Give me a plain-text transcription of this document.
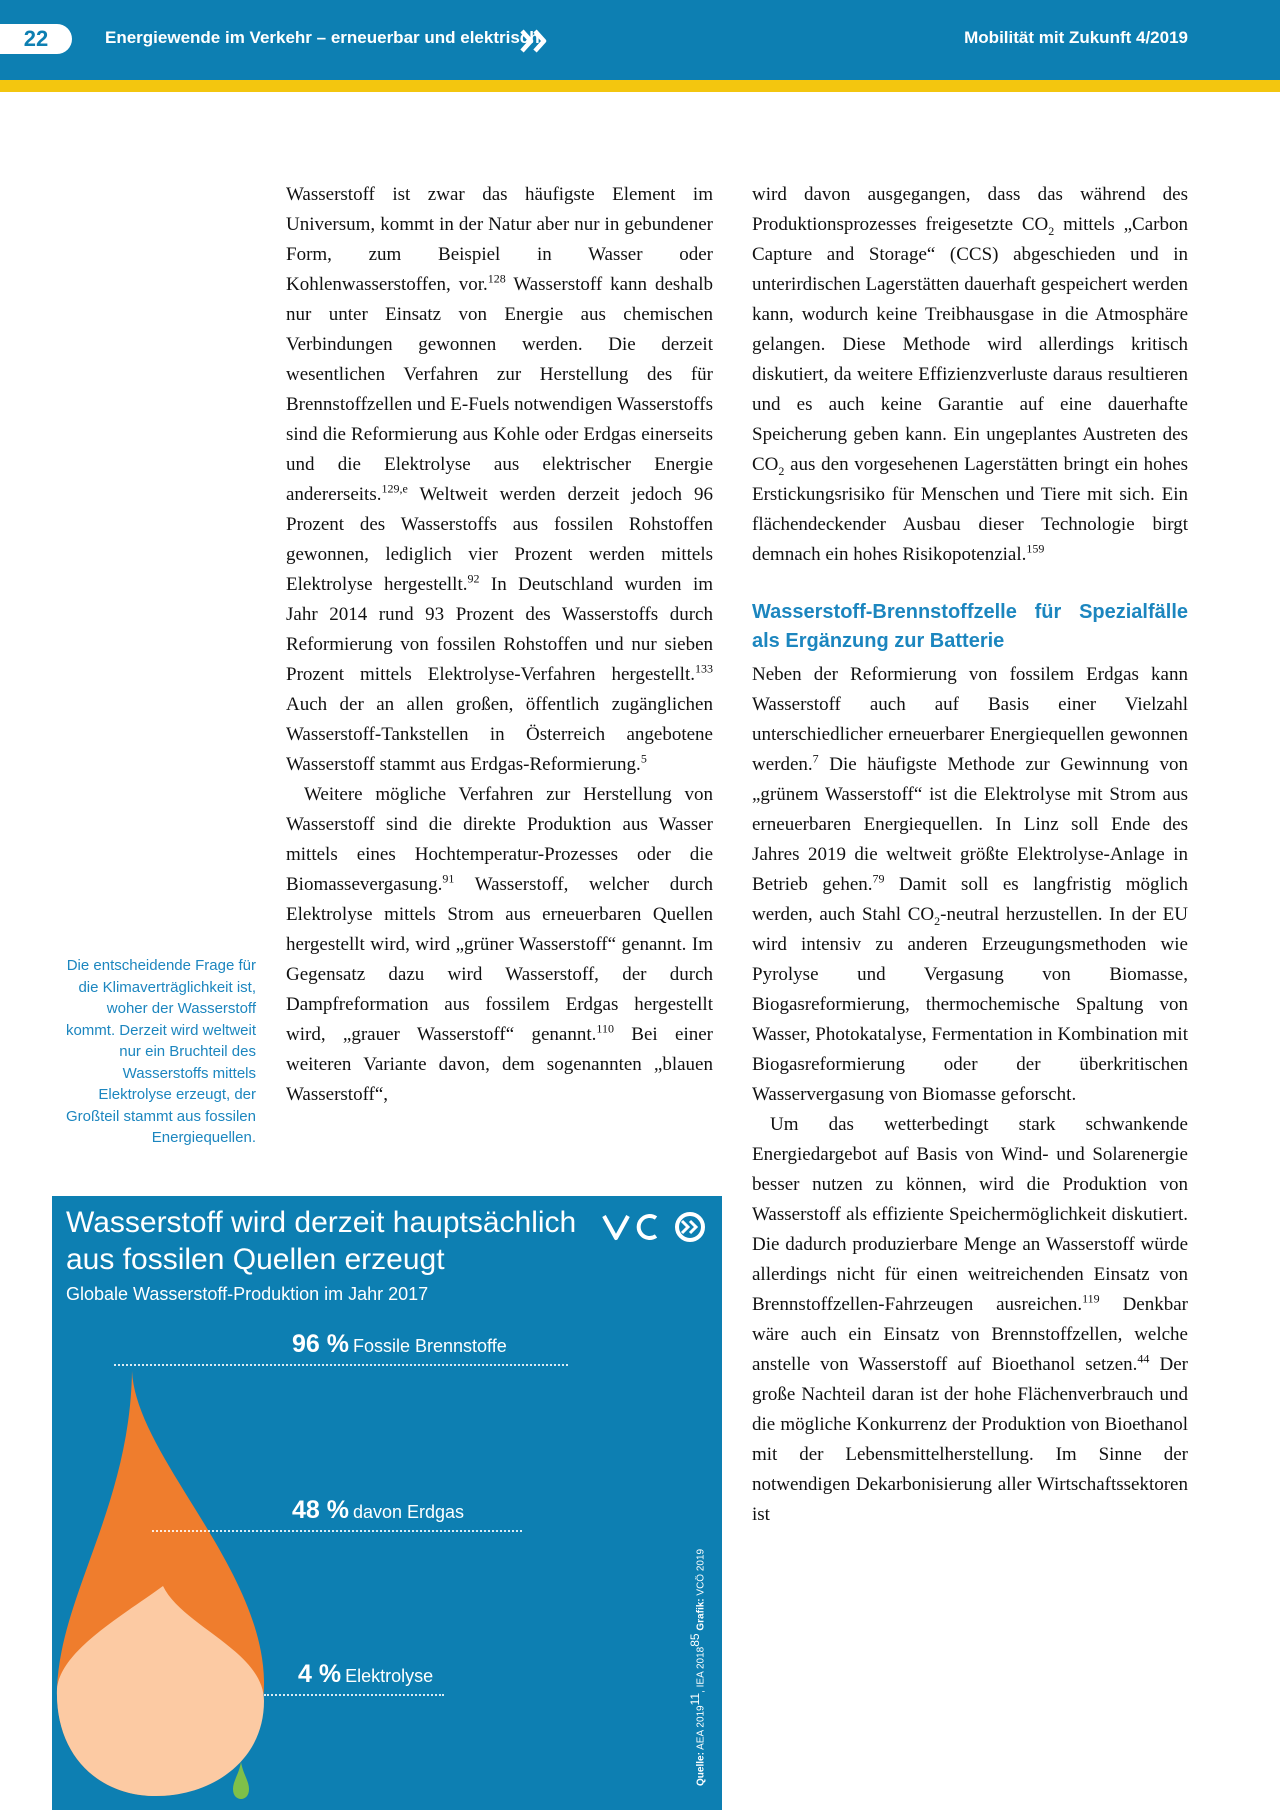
22	Energiewende im Verkehr – erneuerbar und elektrisch	Mobilität mit Zukunft 4/2019

Wasserstoff ist zwar das häufigste Element im Universum, kommt in der Natur aber nur in gebundener Form, zum Beispiel in Wasser oder Kohlenwasserstoffen, vor.$^{128}$ Wasserstoff kann deshalb nur unter Einsatz von Energie aus chemischen Verbindungen gewonnen werden. Die derzeit wesentlichen Verfahren zur Herstellung des für Brennstoffzellen und E-Fuels notwendigen Wasserstoffs sind die Reformierung aus Kohle oder Erdgas einerseits und die Elektrolyse aus elektrischer Energie andererseits.$^{129,e}$ Weltweit werden derzeit jedoch 96 Prozent des Wasserstoffs aus fossilen Rohstoffen gewonnen, lediglich vier Prozent werden mittels Elektrolyse hergestellt.$^{92}$ In Deutschland wurden im Jahr 2014 rund 93 Prozent des Wasserstoffs durch Reformierung von fossilen Rohstoffen und nur sieben Prozent mittels Elektrolyse-Verfahren hergestellt.$^{133}$ Auch der an allen großen, öffentlich zugänglichen Wasserstoff-Tankstellen in Österreich angebotene Wasserstoff stammt aus Erdgas-Reformierung.$^5$

Weitere mögliche Verfahren zur Herstellung von Wasserstoff sind die direkte Produktion aus Wasser mittels eines Hochtemperatur-Prozesses oder die Biomassevergasung.$^{91}$ Wasserstoff, welcher durch Elektrolyse mittels Strom aus erneuerbaren Quellen hergestellt wird, wird „grüner Wasserstoff“ genannt. Im Gegensatz dazu wird Wasserstoff, der durch Dampfreformation aus fossilem Erdgas hergestellt wird, „grauer Wasserstoff“ genannt.$^{110}$ Bei einer weiteren Variante davon, dem sogenannten „blauen Wasserstoff“,

wird davon ausgegangen, dass das während des Produktionsprozesses freigesetzte $CO_2$ mittels „Carbon Capture and Storage“ (CCS) abgeschieden und in unterirdischen Lagerstätten dauerhaft gespeichert werden kann, wodurch keine Treibhausgase in die Atmosphäre gelangen. Diese Methode wird allerdings kritisch diskutiert, da weitere Effizienzverluste daraus resultieren und es auch keine Garantie auf eine dauerhafte Speicherung geben kann. Ein ungeplantes Austreten des $CO_2$ aus den vorgesehenen Lagerstätten bringt ein hohes Erstickungsrisiko für Menschen und Tiere mit sich. Ein flächendeckender Ausbau dieser Technologie birgt demnach ein hohes Risikopotenzial.$^{159}$

Wasserstoff-Brennstoffzelle für Spezialfälle als Ergänzung zur Batterie

Neben der Reformierung von fossilem Erdgas kann Wasserstoff auch auf Basis einer Vielzahl unterschiedlicher erneuerbarer Energiequellen gewonnen werden.$^7$ Die häufigste Methode zur Gewinnung von „grünem Wasserstoff“ ist die Elektrolyse mit Strom aus erneuerbaren Energiequellen. In Linz soll Ende des Jahres 2019 die weltweit größte Elektrolyse-Anlage in Betrieb gehen.$^{79}$ Damit soll es langfristig möglich werden, auch Stahl $CO_2$-neutral herzustellen. In der EU wird intensiv zu anderen Erzeugungsmethoden wie Pyrolyse und Vergasung von Biomasse, Biogasreformierung, thermochemische Spaltung von Wasser, Photokatalyse, Fermentation in Kombination mit Biogasreformierung oder der überkritischen Wasservergasung von Biomasse geforscht.

Um das wetterbedingt stark schwankende Energiedargebot auf Basis von Wind- und Solarenergie besser nutzen zu können, wird die Produktion von Wasserstoff als effiziente Speichermöglichkeit diskutiert. Die dadurch produzierbare Menge an Wasserstoff würde allerdings nicht für einen weitreichenden Einsatz von Brennstoffzellen-Fahrzeugen ausreichen.$^{119}$ Denkbar wäre auch ein Einsatz von Brennstoffzellen, welche anstelle von Wasserstoff auf Bioethanol setzen.$^{44}$ Der große Nachteil daran ist der hohe Flächenverbrauch und die mögliche Konkurrenz der Produktion von Bioethanol mit der Lebensmittelherstellung. Im Sinne der notwendigen Dekarbonisierung aller Wirtschaftssektoren ist

Die entscheidende Frage für die Klimaverträglichkeit ist, woher der Wasserstoff kommt. Derzeit wird weltweit nur ein Bruchteil des Wasserstoffs mittels Elektrolyse erzeugt, der Großteil stammt aus fossilen Energiequellen.
Wasserstoff wird derzeit hauptsächlich
aus fossilen Quellen erzeugt
Globale Wasserstoff-Produktion im Jahr 2017
96 % Fossile Brennstoffe
48 % davon Erdgas
4 % Elektrolyse
Quelle: AEA 201911, IEA 201885 Grafik: VCÖ 2019
